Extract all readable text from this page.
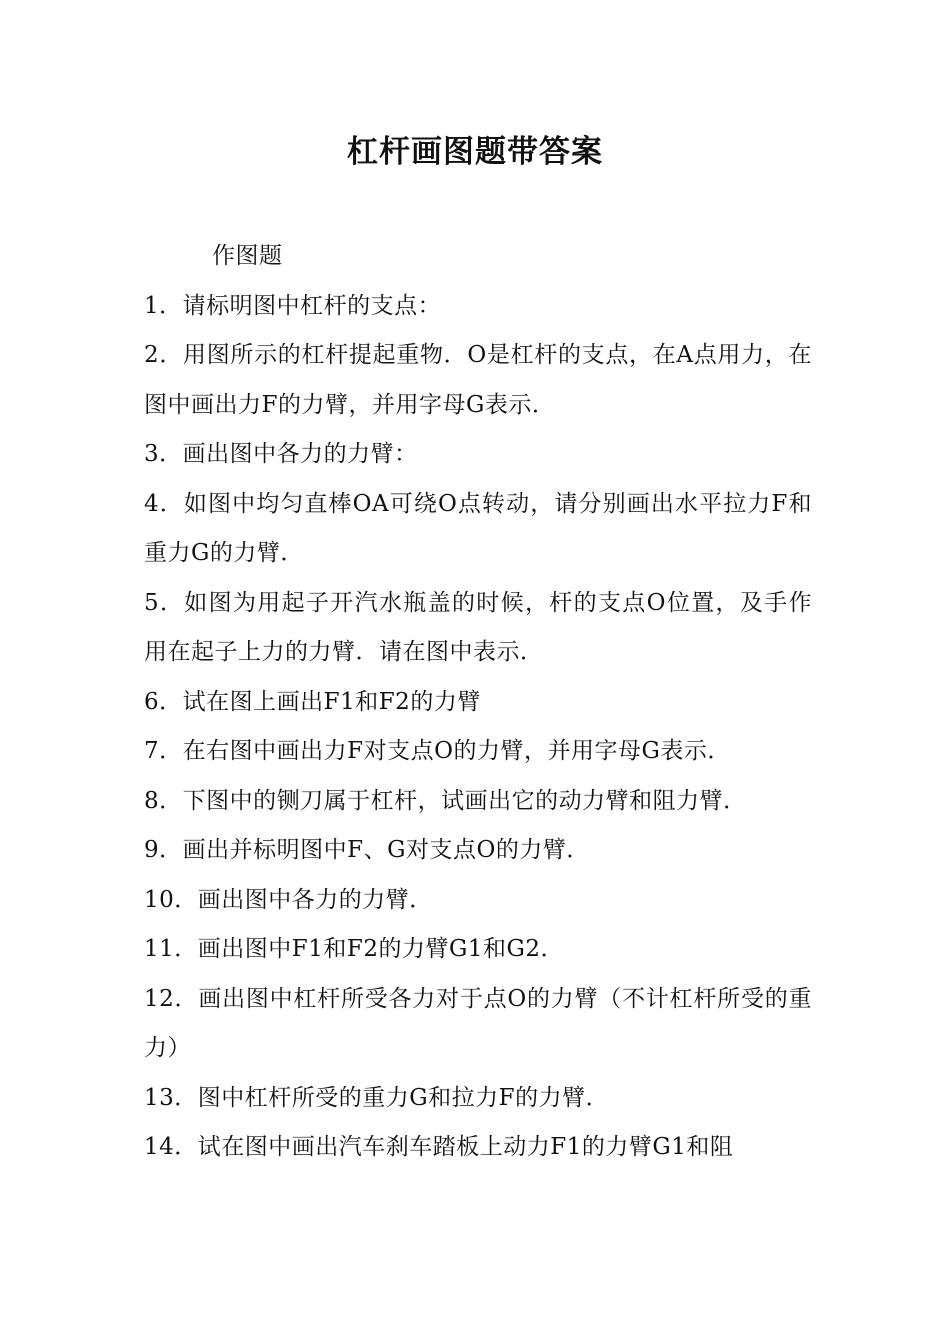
杠杆画图题带答案

作图题

1．请标明图中杠杆的支点：

2．用图所示的杠杆提起重物．O是杠杆的支点，在A点用力，在图中画出力F的力臂，并用字母G表示．

3．画出图中各力的力臂：

4．如图中均匀直棒OA可绕O点转动，请分别画出水平拉力F和重力G的力臂．

5．如图为用起子开汽水瓶盖的时候，杆的支点O位置，及手作用在起子上力的力臂．请在图中表示．

6．试在图上画出F1和F2的力臂

7．在右图中画出力F对支点O的力臂，并用字母G表示．

8．下图中的铡刀属于杠杆，试画出它的动力臂和阻力臂．

9．画出并标明图中F、G对支点O的力臂．

10．画出图中各力的力臂．

11．画出图中F1和F2的力臂G1和G2．

12．画出图中杠杆所受各力对于点O的力臂（不计杠杆所受的重力）

13．图中杠杆所受的重力G和拉力F的力臂．

14．试在图中画出汽车刹车踏板上动力F1的力臂G1和阻
